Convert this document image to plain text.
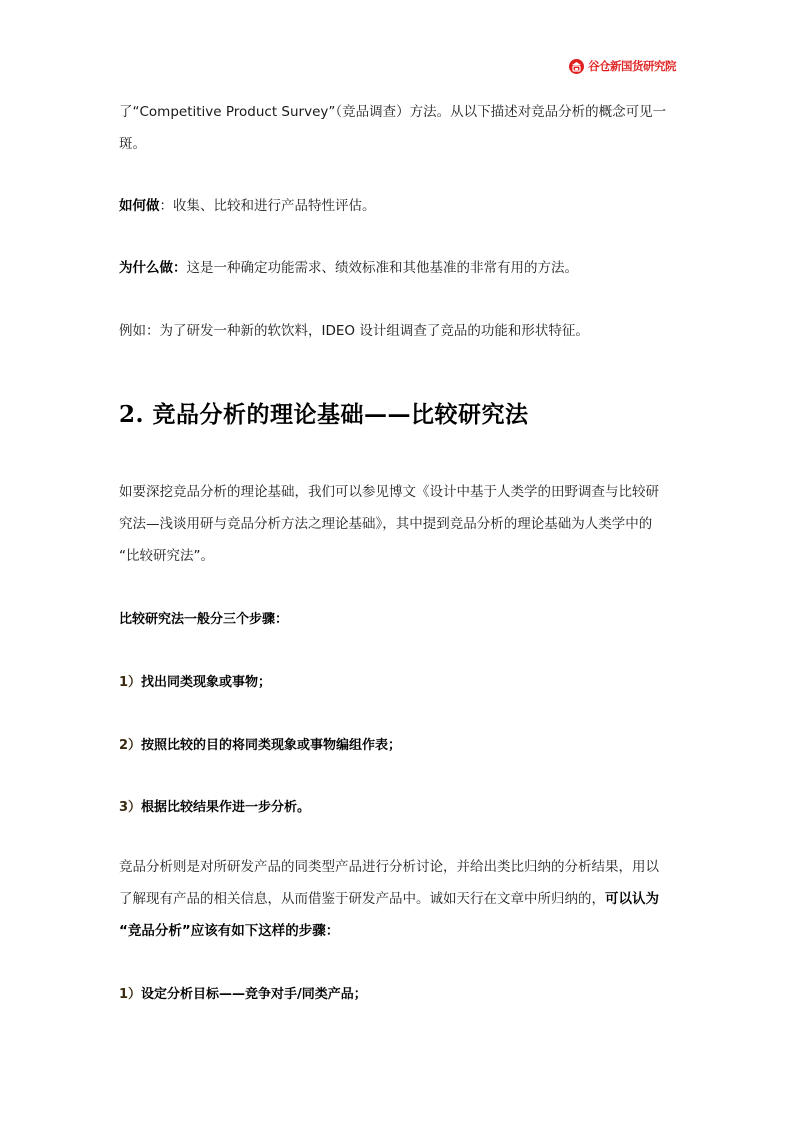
谷仓新国货研究院
了“Competitive Product Survey”（竞品调查）方法。从以下描述对竞品分析的概念可见一
斑。
如何做：收集、比较和进行产品特性评估。
为什么做：这是一种确定功能需求、绩效标准和其他基准的非常有用的方法。
例如：为了研发一种新的软饮料，IDEO 设计组调查了竞品的功能和形状特征。
2. 竞品分析的理论基础——比较研究法
如要深挖竞品分析的理论基础，我们可以参见博文《设计中基于人类学的田野调查与比较研
究法—浅谈用研与竞品分析方法之理论基础》，其中提到竞品分析的理论基础为人类学中的
“比较研究法”。
比较研究法一般分三个步骤：
1）找出同类现象或事物；
2）按照比较的目的将同类现象或事物编组作表；
3）根据比较结果作进一步分析。
竞品分析则是对所研发产品的同类型产品进行分析讨论，并给出类比归纳的分析结果，用以
了解现有产品的相关信息，从而借鉴于研发产品中。诚如天行在文章中所归纳的，可以认为
“竞品分析”应该有如下这样的步骤：
1）设定分析目标——竞争对手/同类产品；
